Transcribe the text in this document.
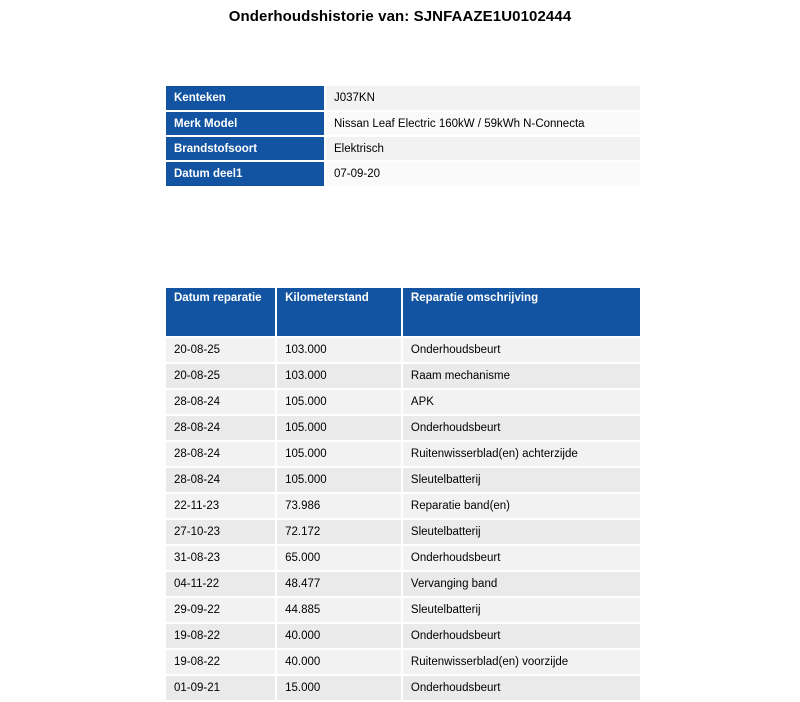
Onderhoudshistorie van: SJNFAAZE1U0102444
Kenteken	J037KN
Merk Model	Nissan Leaf Electric 160kW / 59kWh N-Connecta
Brandstofsoort	Elektrisch
Datum deel1	07-09-20
Datum reparatie	Kilometerstand	Reparatie omschrijving
20-08-25	103.000	Onderhoudsbeurt
20-08-25	103.000	Raam mechanisme
28-08-24	105.000	APK
28-08-24	105.000	Onderhoudsbeurt
28-08-24	105.000	Ruitenwisserblad(en) achterzijde
28-08-24	105.000	Sleutelbatterij
22-11-23	73.986	Reparatie band(en)
27-10-23	72.172	Sleutelbatterij
31-08-23	65.000	Onderhoudsbeurt
04-11-22	48.477	Vervanging band
29-09-22	44.885	Sleutelbatterij
19-08-22	40.000	Onderhoudsbeurt
19-08-22	40.000	Ruitenwisserblad(en) voorzijde
01-09-21	15.000	Onderhoudsbeurt
